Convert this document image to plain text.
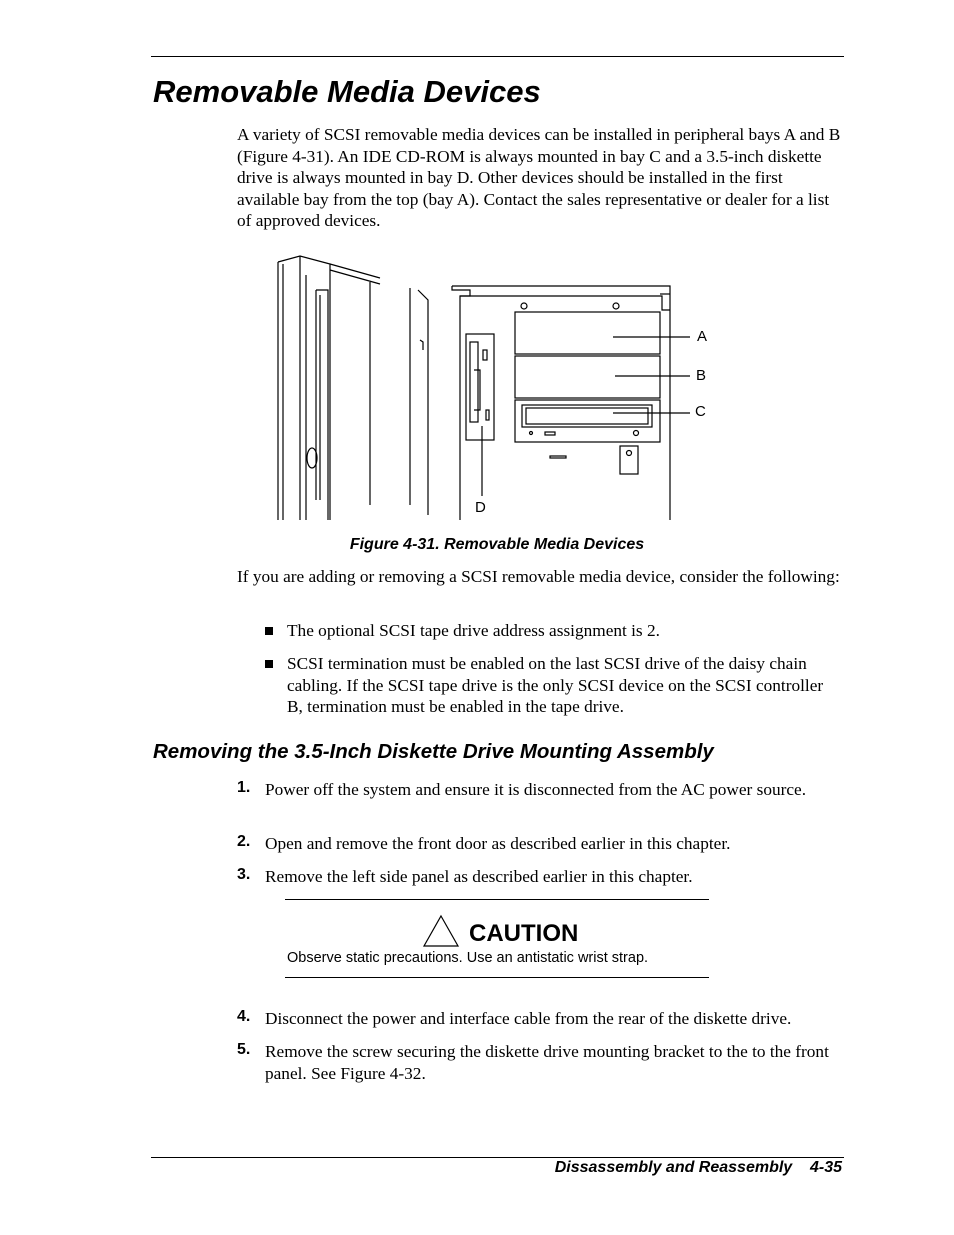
Removable Media Devices

A variety of SCSI removable media devices can be installed in peripheral bays A and B (Figure 4-31). An IDE CD-ROM is always mounted in bay C and a 3.5-inch diskette drive is always mounted in bay D. Other devices should be installed in the first available bay from the top (bay A). Contact the sales representative or dealer for a list of approved devices.

A
B
C
D

Figure 4-31. Removable Media Devices

If you are adding or removing a SCSI removable media device, consider the following:

The optional SCSI tape drive address assignment is 2.
SCSI termination must be enabled on the last SCSI drive of the daisy chain cabling. If the SCSI tape drive is the only SCSI device on the SCSI controller B, termination must be enabled in the tape drive.
Removing the 3.5-Inch Diskette Drive Mounting Assembly
1. Power off the system and ensure it is disconnected from the AC power source.
2. Open and remove the front door as described earlier in this chapter.
3. Remove the left side panel as described earlier in this chapter.
CAUTION
Observe static precautions. Use an antistatic wrist strap.
4. Disconnect the power and interface cable from the rear of the diskette drive.
5. Remove the screw securing the diskette drive mounting bracket to the to the front panel. See Figure 4-32.

Dissassembly and Reassembly    4-35
